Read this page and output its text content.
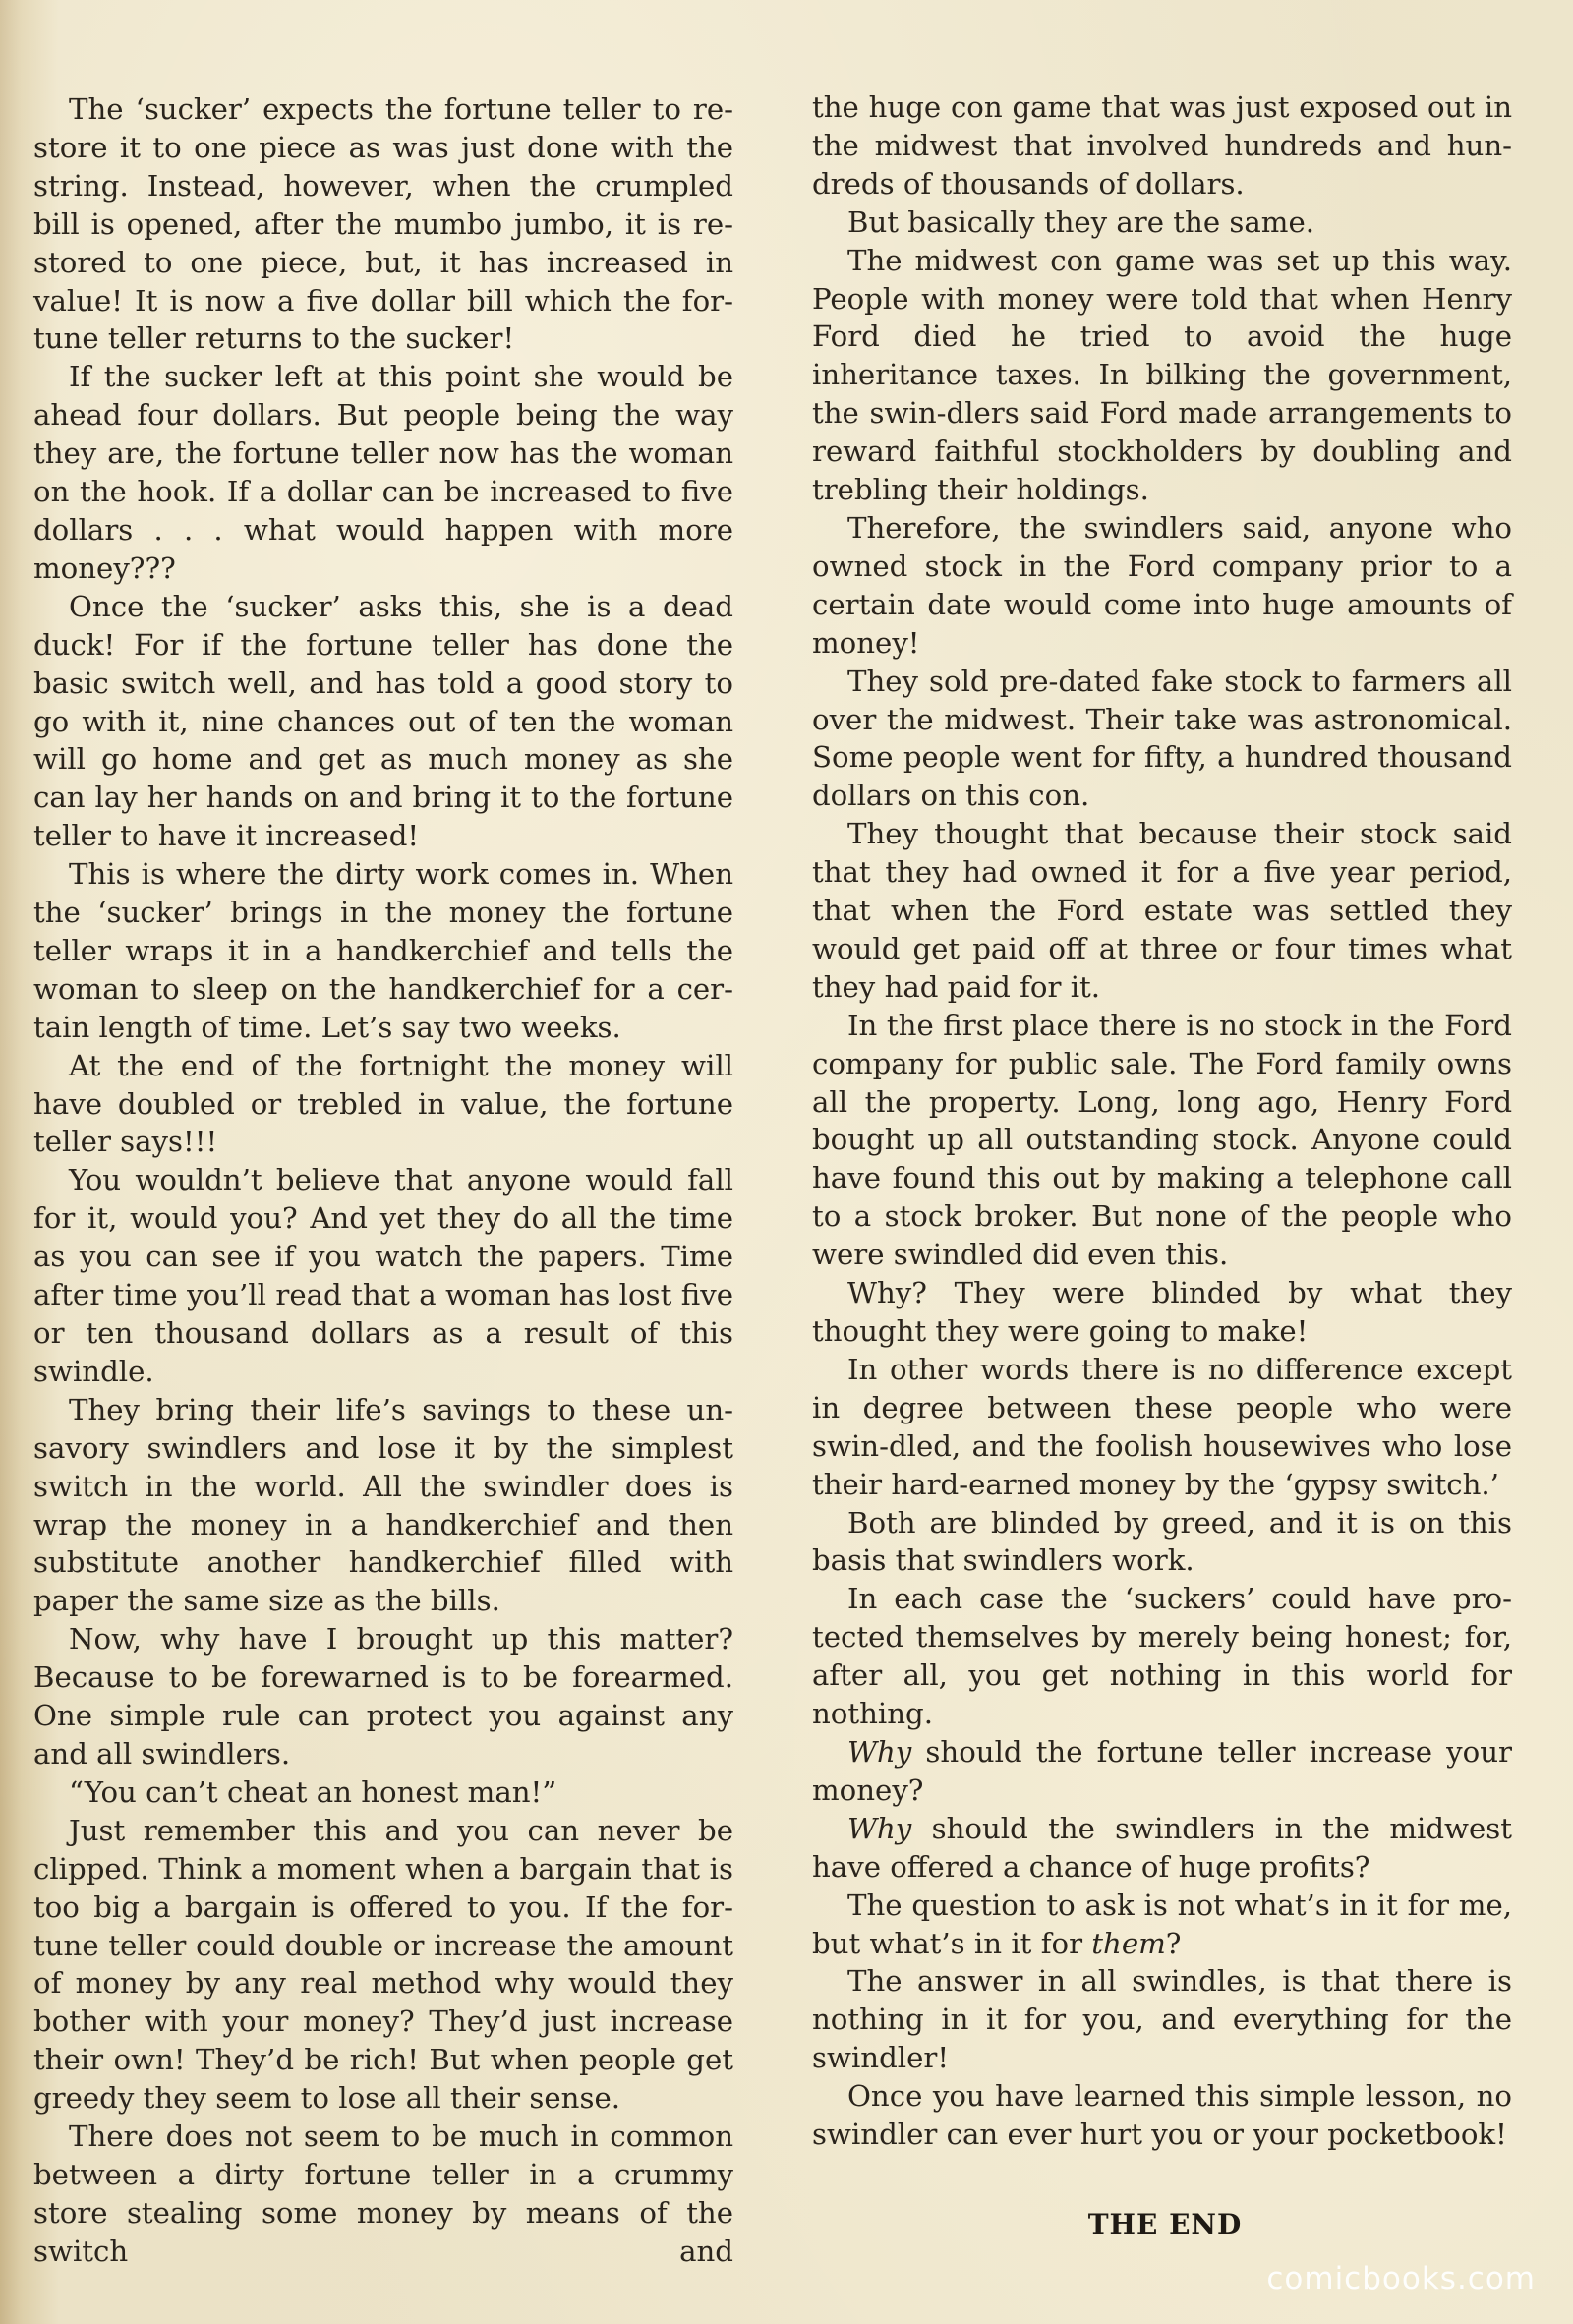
The ‘sucker’ expects the fortune teller to re-store it to one piece as was just done with the string. Instead, however, when the crumpled bill is opened, after the mumbo jumbo, it is re-stored to one piece, but, it has increased in value! It is now a five dollar bill which the for-tune teller returns to the sucker!

If the sucker left at this point she would be ahead four dollars. But people being the way they are, the fortune teller now has the woman on the hook. If a dollar can be increased to five dollars . . . what would happen with more money???

Once the ‘sucker’ asks this, she is a dead duck! For if the fortune teller has done the basic switch well, and has told a good story to go with it, nine chances out of ten the woman will go home and get as much money as she can lay her hands on and bring it to the fortune teller to have it increased!

This is where the dirty work comes in. When the ‘sucker’ brings in the money the fortune teller wraps it in a handkerchief and tells the woman to sleep on the handkerchief for a cer-tain length of time. Let’s say two weeks.

At the end of the fortnight the money will have doubled or trebled in value, the fortune teller says!!!

You wouldn’t believe that anyone would fall for it, would you? And yet they do all the time as you can see if you watch the papers. Time after time you’ll read that a woman has lost five or ten thousand dollars as a result of this swindle.

They bring their life’s savings to these un-savory swindlers and lose it by the simplest switch in the world. All the swindler does is wrap the money in a handkerchief and then substitute another handkerchief filled with paper the same size as the bills.

Now, why have I brought up this matter? Because to be forewarned is to be forearmed. One simple rule can protect you against any and all swindlers.

“You can’t cheat an honest man!”

Just remember this and you can never be clipped. Think a moment when a bargain that is too big a bargain is offered to you. If the for-tune teller could double or increase the amount of money by any real method why would they bother with your money? They’d just increase their own! They’d be rich! But when people get greedy they seem to lose all their sense.

There does not seem to be much in common between a dirty fortune teller in a crummy store stealing some money by means of the switch and

the huge con game that was just exposed out in the midwest that involved hundreds and hun-dreds of thousands of dollars.

But basically they are the same.

The midwest con game was set up this way. People with money were told that when Henry Ford died he tried to avoid the huge inheritance taxes. In bilking the government, the swin-dlers said Ford made arrangements to reward faithful stockholders by doubling and trebling their holdings.

Therefore, the swindlers said, anyone who owned stock in the Ford company prior to a certain date would come into huge amounts of money!

They sold pre-dated fake stock to farmers all over the midwest. Their take was astronomical. Some people went for fifty, a hundred thousand dollars on this con.

They thought that because their stock said that they had owned it for a five year period, that when the Ford estate was settled they would get paid off at three or four times what they had paid for it.

In the first place there is no stock in the Ford company for public sale. The Ford family owns all the property. Long, long ago, Henry Ford bought up all outstanding stock. Anyone could have found this out by making a telephone call to a stock broker. But none of the people who were swindled did even this.

Why? They were blinded by what they thought they were going to make!

In other words there is no difference except in degree between these people who were swin-dled, and the foolish housewives who lose their hard-earned money by the ‘gypsy switch.’

Both are blinded by greed, and it is on this basis that swindlers work.

In each case the ‘suckers’ could have pro-tected themselves by merely being honest; for, after all, you get nothing in this world for nothing.

Why should the fortune teller increase your money?

Why should the swindlers in the midwest have offered a chance of huge profits?

The question to ask is not what’s in it for me, but what’s in it for them?

The answer in all swindles, is that there is nothing in it for you, and everything for the swindler!

Once you have learned this simple lesson, no swindler can ever hurt you or your pocketbook!

THE END
comicbooks.com
